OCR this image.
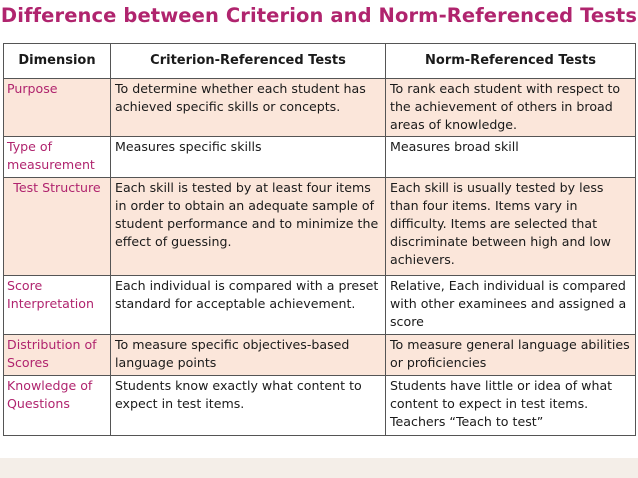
Difference between Criterion and Norm-Referenced Tests
Dimension	Criterion-Referenced Tests	Norm-Referenced Tests
Purpose	To determine whether each student has achieved specific skills or concepts.	To rank each student with respect to the achievement of others in broad areas of knowledge.
Type of measurement	Measures specific skills	Measures broad skill
Test Structure	Each skill is tested by at least four items in order to obtain an adequate sample of student performance and to minimize the effect of guessing.	Each skill is usually tested by less than four items. Items vary in difficulty. Items are selected that discriminate between high and low achievers.
Score Interpretation	Each individual is compared with a preset standard for acceptable achievement.	Relative, Each individual is compared with other examinees and assigned a score
Distribution of Scores	To measure specific objectives-based language points	To measure general language abilities or proficiencies
Knowledge of Questions	Students know exactly what content to expect in test items.	Students have little or idea of what content to expect in test items. Teachers “Teach to test”
